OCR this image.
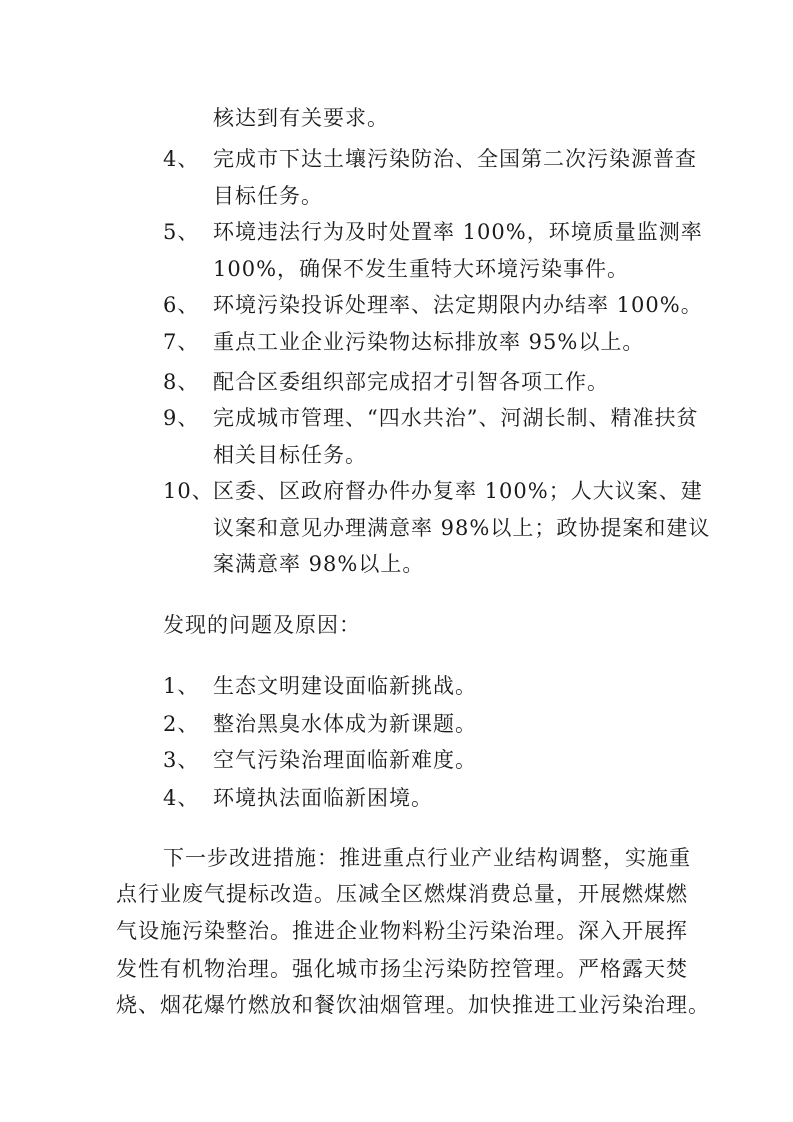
核达到有关要求。
4、 完成市下达土壤污染防治、全国第二次污染源普查
目标任务。
5、 环境违法行为及时处置率 100%，环境质量监测率
100%，确保不发生重特大环境污染事件。
6、 环境污染投诉处理率、法定期限内办结率 100%。
7、 重点工业企业污染物达标排放率 95%以上。
8、 配合区委组织部完成招才引智各项工作。
9、 完成城市管理、“四水共治”、河湖长制、精准扶贫
相关目标任务。
10、 区委、区政府督办件办复率 100%；人大议案、建
议案和意见办理满意率 98%以上；政协提案和建议
案满意率 98%以上。
发现的问题及原因：
1、 生态文明建设面临新挑战。
2、 整治黑臭水体成为新课题。
3、 空气污染治理面临新难度。
4、 环境执法面临新困境。
下一步改进措施：推进重点行业产业结构调整，实施重
点行业废气提标改造。压减全区燃煤消费总量，开展燃煤燃
气设施污染整治。推进企业物料粉尘污染治理。深入开展挥
发性有机物治理。强化城市扬尘污染防控管理。严格露天焚
烧、烟花爆竹燃放和餐饮油烟管理。加快推进工业污染治理。
